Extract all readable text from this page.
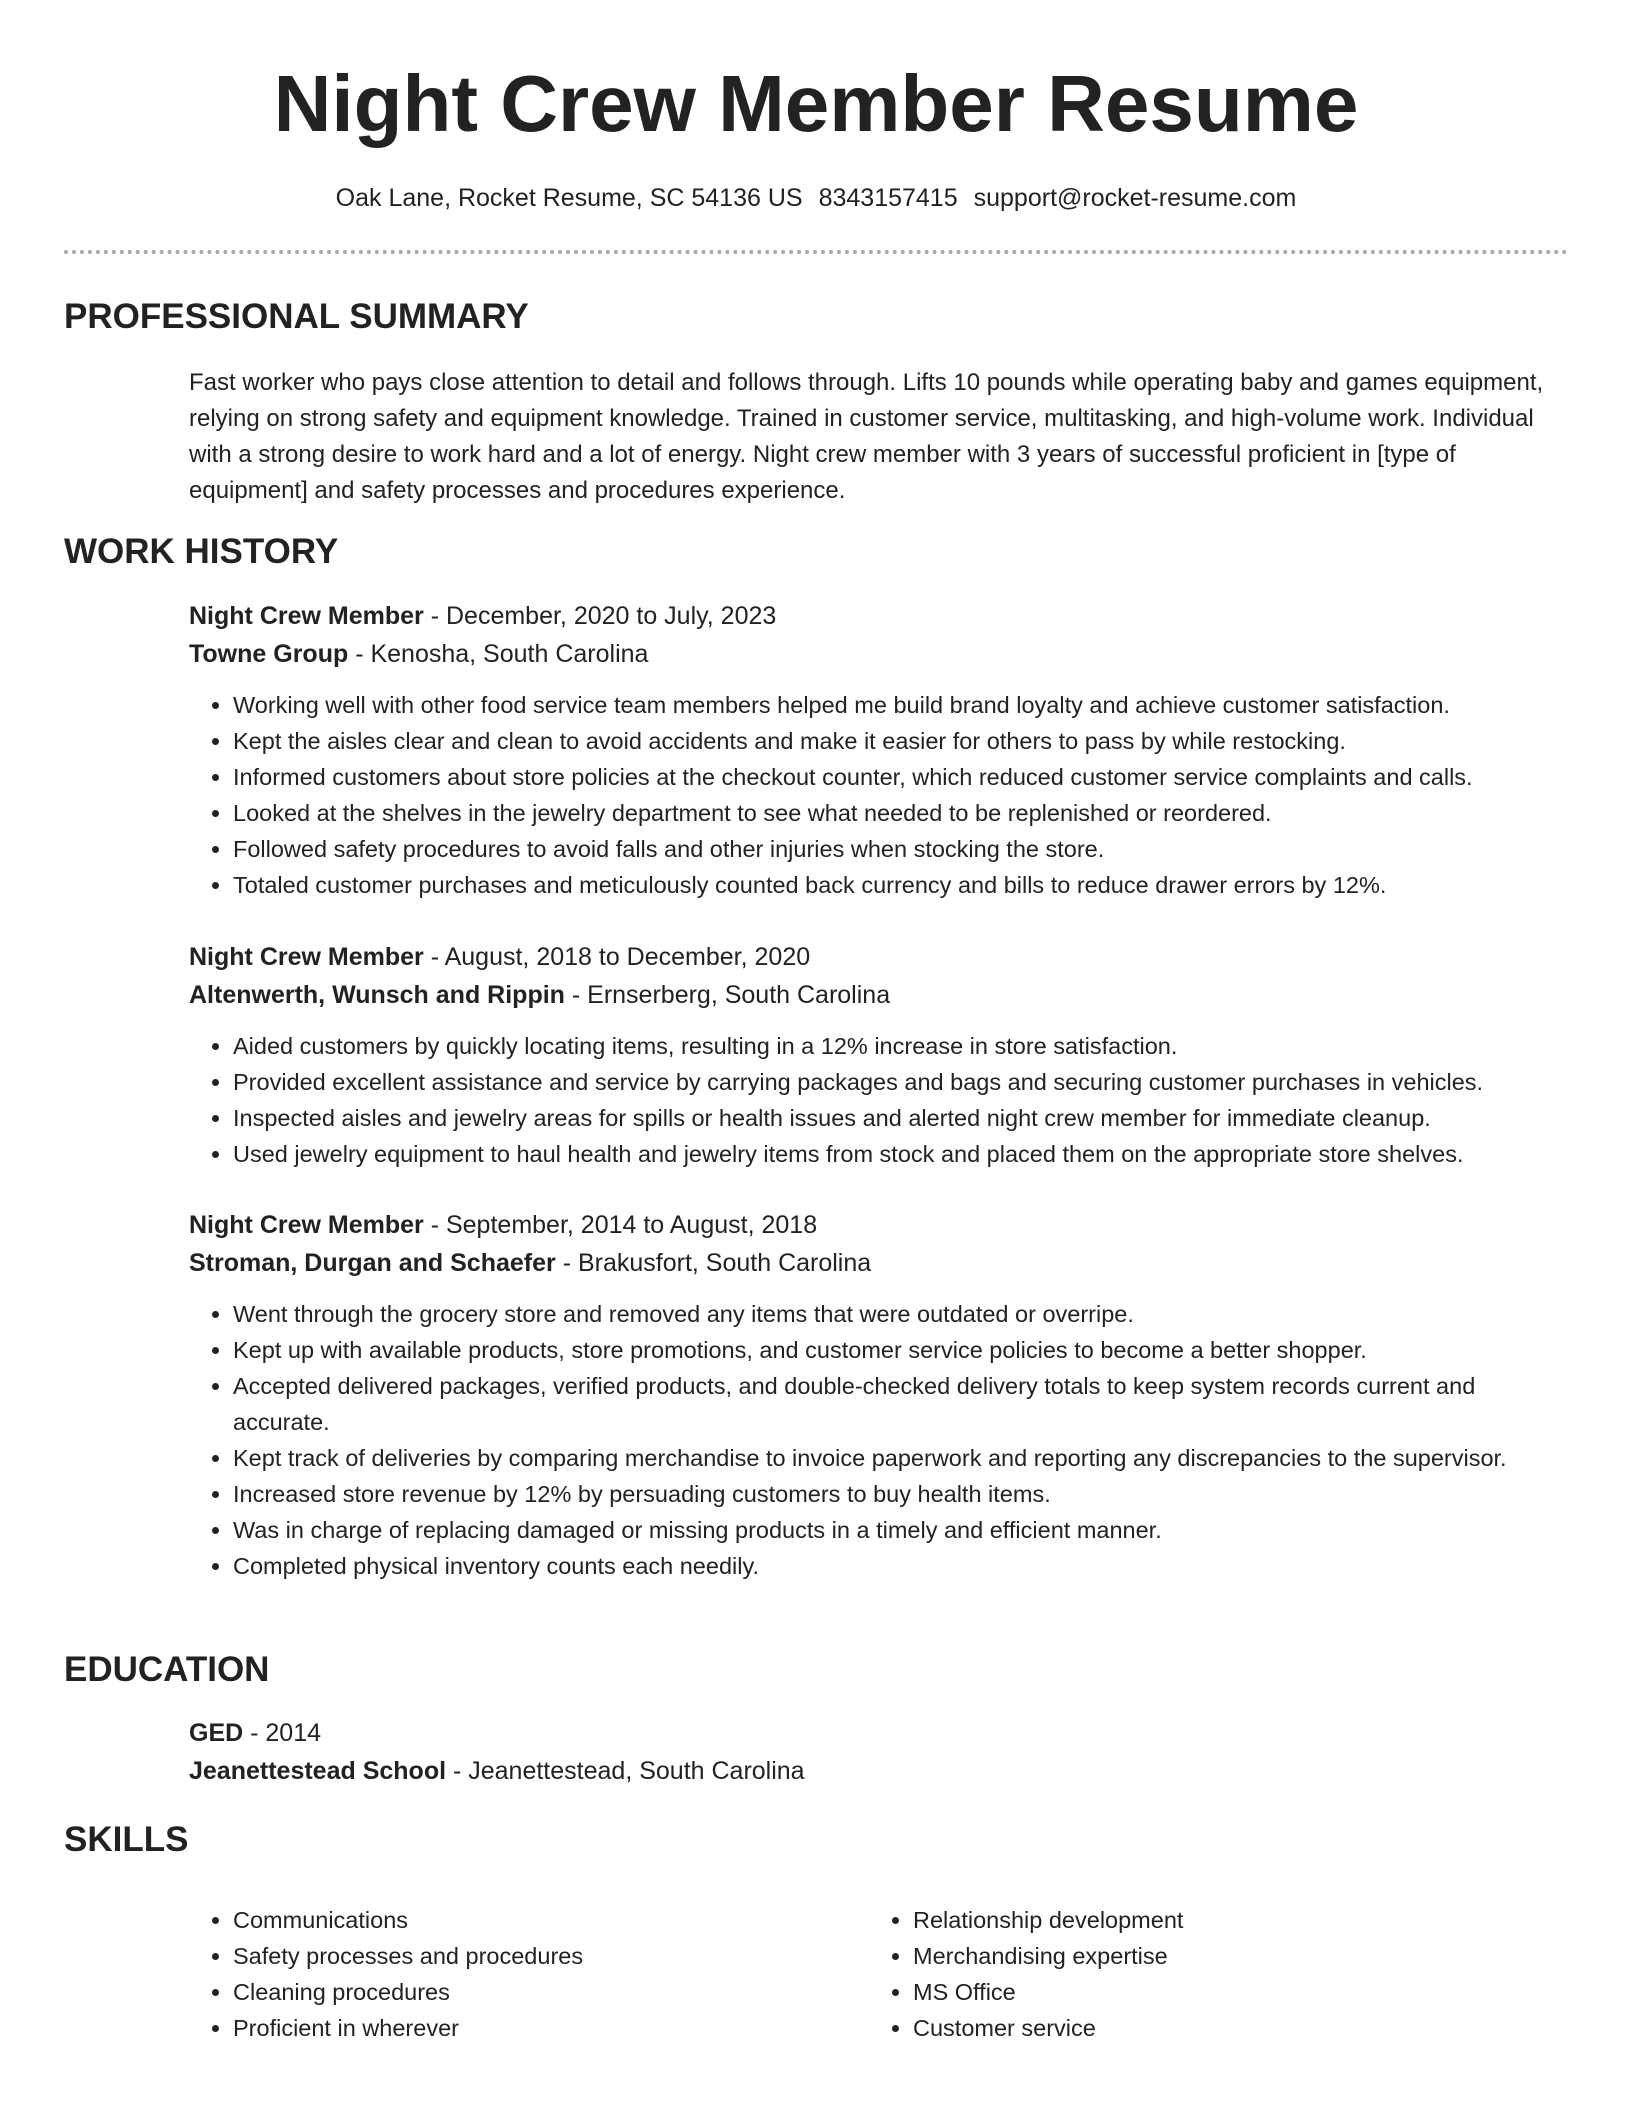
Night Crew Member Resume
Oak Lane, Rocket Resume, SC 54136 US 8343157415 support@rocket-resume.com
PROFESSIONAL SUMMARY

Fast worker who pays close attention to detail and follows through. Lifts 10 pounds while operating baby and games equipment, relying on strong safety and equipment knowledge. Trained in customer service, multitasking, and high-volume work. Individual with a strong desire to work hard and a lot of energy. Night crew member with 3 years of successful proficient in [type of equipment] and safety processes and procedures experience.

WORK HISTORY

Night Crew Member - December, 2020 to July, 2023

Towne Group - Kenosha, South Carolina

• Working well with other food service team members helped me build brand loyalty and achieve customer satisfaction.
• Kept the aisles clear and clean to avoid accidents and make it easier for others to pass by while restocking.
• Informed customers about store policies at the checkout counter, which reduced customer service complaints and calls.
• Looked at the shelves in the jewelry department to see what needed to be replenished or reordered.
• Followed safety procedures to avoid falls and other injuries when stocking the store.
• Totaled customer purchases and meticulously counted back currency and bills to reduce drawer errors by 12%.

Night Crew Member - August, 2018 to December, 2020

Altenwerth, Wunsch and Rippin - Ernserberg, South Carolina

• Aided customers by quickly locating items, resulting in a 12% increase in store satisfaction.
• Provided excellent assistance and service by carrying packages and bags and securing customer purchases in vehicles.
• Inspected aisles and jewelry areas for spills or health issues and alerted night crew member for immediate cleanup.
• Used jewelry equipment to haul health and jewelry items from stock and placed them on the appropriate store shelves.

Night Crew Member - September, 2014 to August, 2018

Stroman, Durgan and Schaefer - Brakusfort, South Carolina

• Went through the grocery store and removed any items that were outdated or overripe.
• Kept up with available products, store promotions, and customer service policies to become a better shopper.
• Accepted delivered packages, verified products, and double-checked delivery totals to keep system records current and accurate.
• Kept track of deliveries by comparing merchandise to invoice paperwork and reporting any discrepancies to the supervisor.
• Increased store revenue by 12% by persuading customers to buy health items.
• Was in charge of replacing damaged or missing products in a timely and efficient manner.
• Completed physical inventory counts each needily.
EDUCATION

GED - 2014

Jeanettestead School - Jeanettestead, South Carolina

SKILLS
• Communications
• Safety processes and procedures
• Cleaning procedures
• Proficient in wherever
• Relationship development
• Merchandising expertise
• MS Office
• Customer service
